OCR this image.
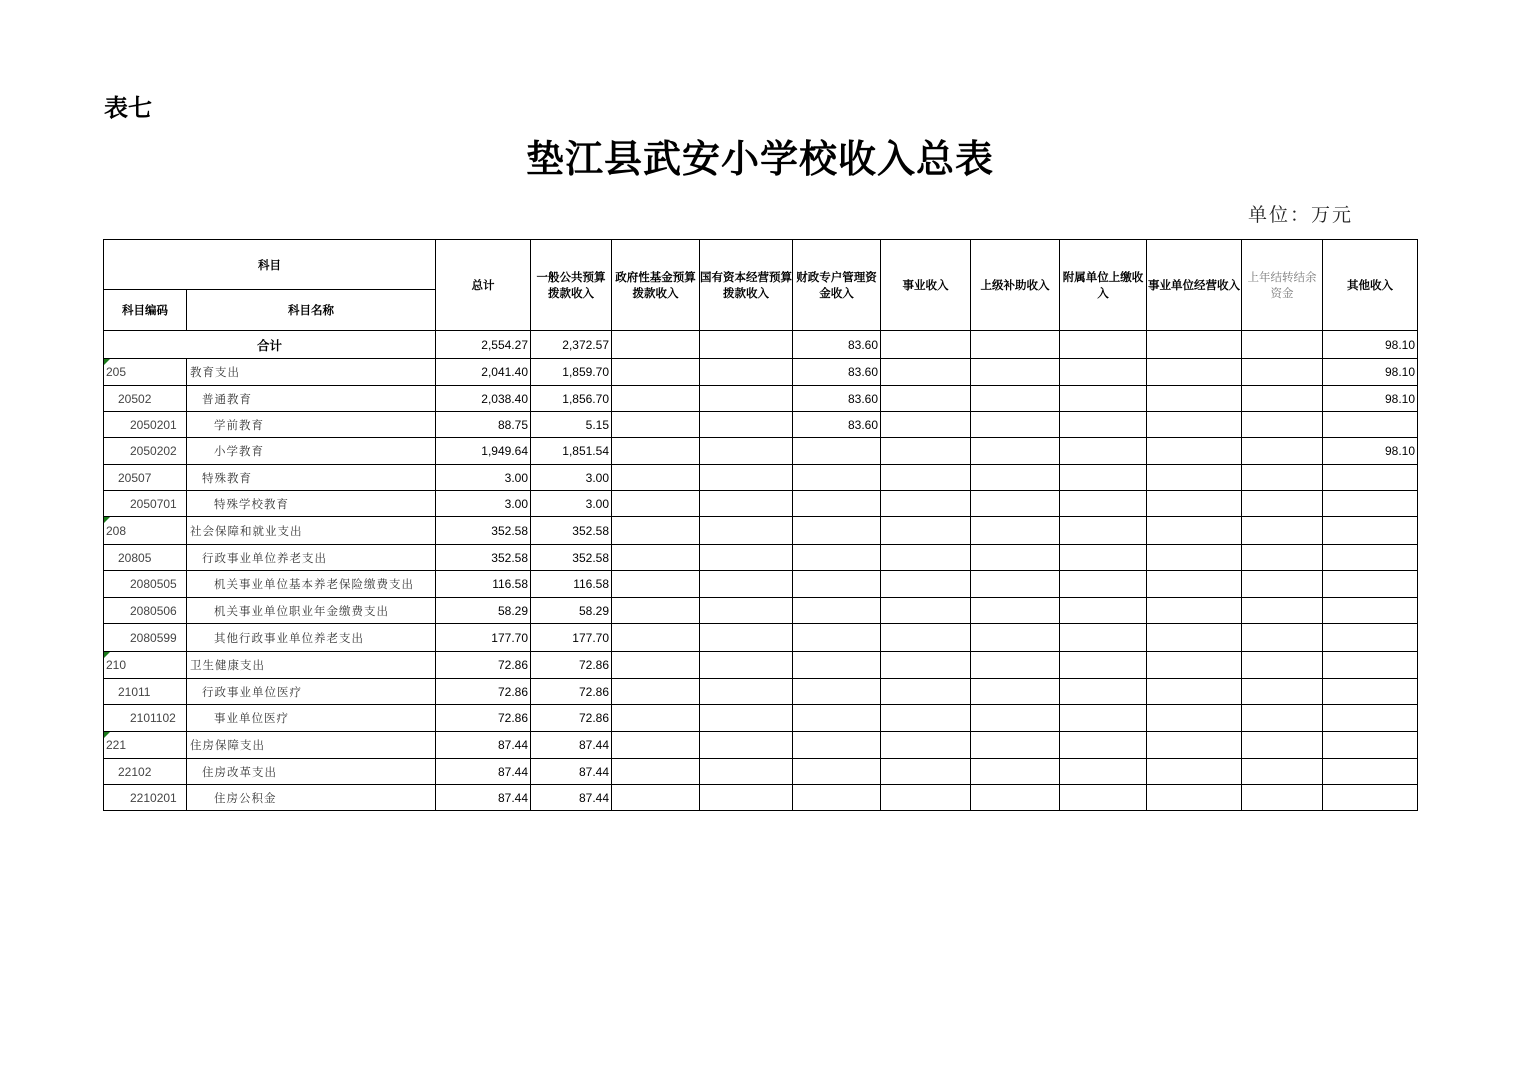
表七
垫江县武安小学校收入总表
单位：万元
科目		总计	一般公共预算拨款收入	政府性基金预算拨款收入	国有资本经营预算拨款收入	财政专户管理资金收入	事业收入	上级补助收入	附属单位上缴收入	事业单位经营收入	上年结转结余资金	其他收入
科目编码	科目名称											
合计		2,554.27	2,372.57			83.60						98.10

205	教育支出	2,041.40	1,859.70			83.60						98.10
20502	普通教育	2,038.40	1,856.70			83.60						98.10
2050201	学前教育	88.75	5.15			83.60						
2050202	小学教育	1,949.64	1,851.54									98.10
20507	特殊教育	3.00	3.00									
2050701	特殊学校教育	3.00	3.00									

208	社会保障和就业支出	352.58	352.58									
20805	行政事业单位养老支出	352.58	352.58									
2080505	机关事业单位基本养老保险缴费支出	116.58	116.58									
2080506	机关事业单位职业年金缴费支出	58.29	58.29									
2080599	其他行政事业单位养老支出	177.70	177.70									

210	卫生健康支出	72.86	72.86									
21011	行政事业单位医疗	72.86	72.86									
2101102	事业单位医疗	72.86	72.86									

221	住房保障支出	87.44	87.44									
22102	住房改革支出	87.44	87.44									
2210201	住房公积金	87.44	87.44									
